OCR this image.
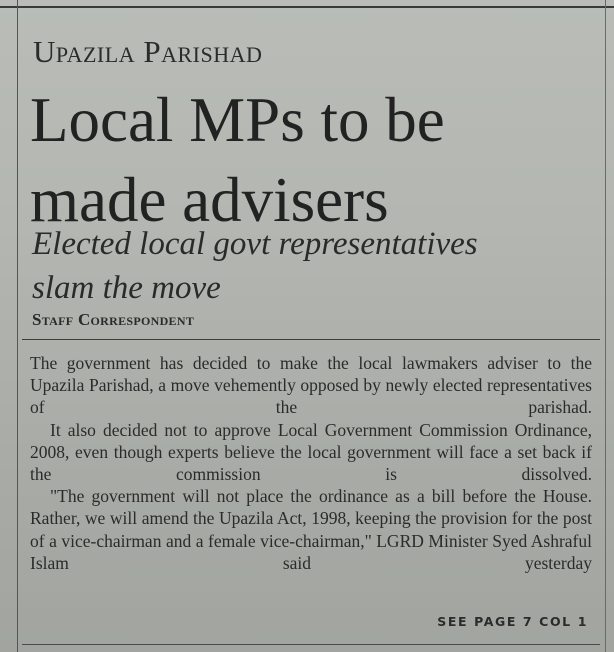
Upazila Parishad
Local MPs to be
made advisers
Elected local govt representatives
slam the move
Staff Correspondent

The government has decided to make the local lawmakers adviser to the Upazila Parishad, a move vehemently opposed by newly elected representatives of the parishad.

It also decided not to approve Local Government Commission Ordinance, 2008, even though experts believe the local government will face a set back if the commission is dissolved.

"The government will not place the ordinance as a bill before the House. Rather, we will amend the Upazila Act, 1998, keeping the provision for the post of a vice-chairman and a female vice-chairman," LGRD Minister Syed Ashraful Islam said yesterday

SEE PAGE 7 COL 1
